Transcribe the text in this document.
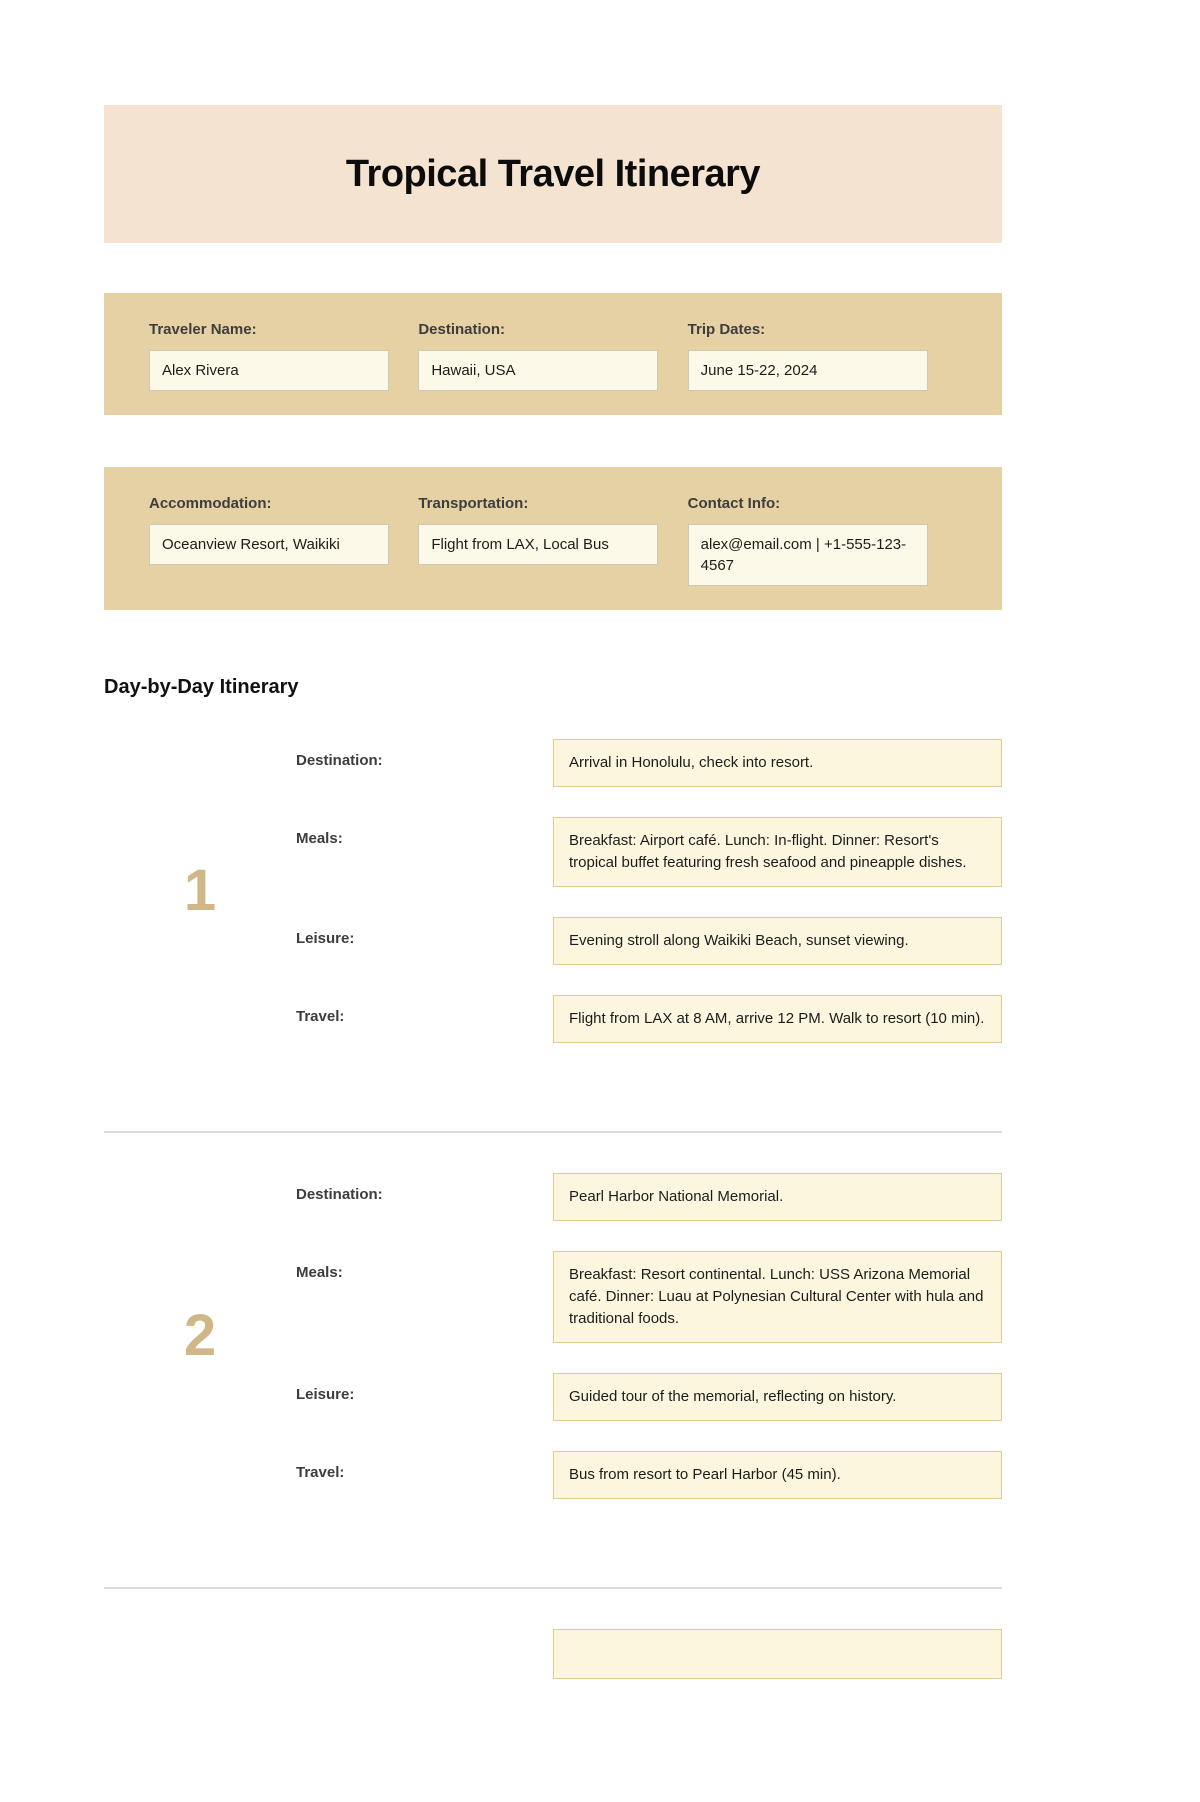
Tropical Travel Itinerary
Traveler Name:
Alex Rivera
Destination:
Hawaii, USA
Trip Dates:
June 15-22, 2024
Accommodation:
Oceanview Resort, Waikiki
Transportation:
Flight from LAX, Local Bus
Contact Info:
alex@email.com | +1-555-123-4567
Day-by-Day Itinerary
1
Destination:	Arrival in Honolulu, check into resort.
Meals:	Breakfast: Airport café. Lunch: In-flight. Dinner: Resort's tropical buffet featuring fresh seafood and pineapple dishes.
Leisure:	Evening stroll along Waikiki Beach, sunset viewing.
Travel:	Flight from LAX at 8 AM, arrive 12 PM. Walk to resort (10 min).
2
Destination:	Pearl Harbor National Memorial.
Meals:	Breakfast: Resort continental. Lunch: USS Arizona Memorial café. Dinner: Luau at Polynesian Cultural Center with hula and traditional foods.
Leisure:	Guided tour of the memorial, reflecting on history.
Travel:	Bus from resort to Pearl Harbor (45 min).
